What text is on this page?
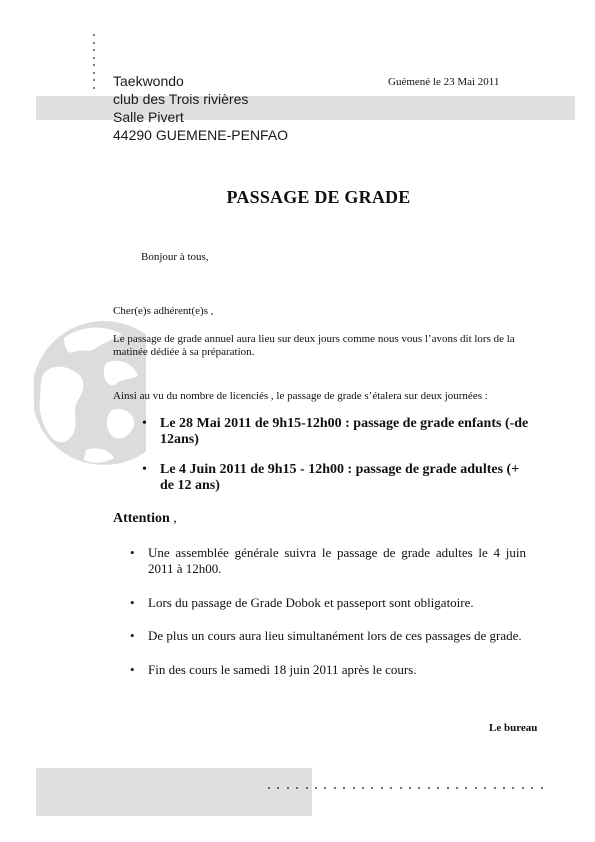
Taekwondo
club des Trois rivières
Salle Pivert
44290 GUEMENE-PENFAO
Guémené le 23 Mai 2011
PASSAGE DE GRADE
Bonjour à tous,
Cher(e)s adhérent(e)s ,
Le passage de grade annuel aura lieu sur deux jours comme nous vous l’avons dit lors de la matinée dédiée à sa préparation.
Ainsi au vu du nombre de licenciés , le passage de grade s’étalera sur deux journées :
• Le 28 Mai 2011 de 9h15-12h00 : passage de grade enfants (-de 12ans)
• Le 4 Juin 2011 de 9h15 - 12h00 : passage de grade adultes (+ de 12 ans)
Attention ,
• Une assemblée générale suivra le passage de grade adultes le 4 juin 2011 à 12h00.
• Lors du passage de Grade Dobok et passeport sont obligatoire.
• De plus un cours aura lieu simultanément lors de ces passages de grade.
• Fin des cours le samedi 18 juin 2011 après le cours.
Le bureau
